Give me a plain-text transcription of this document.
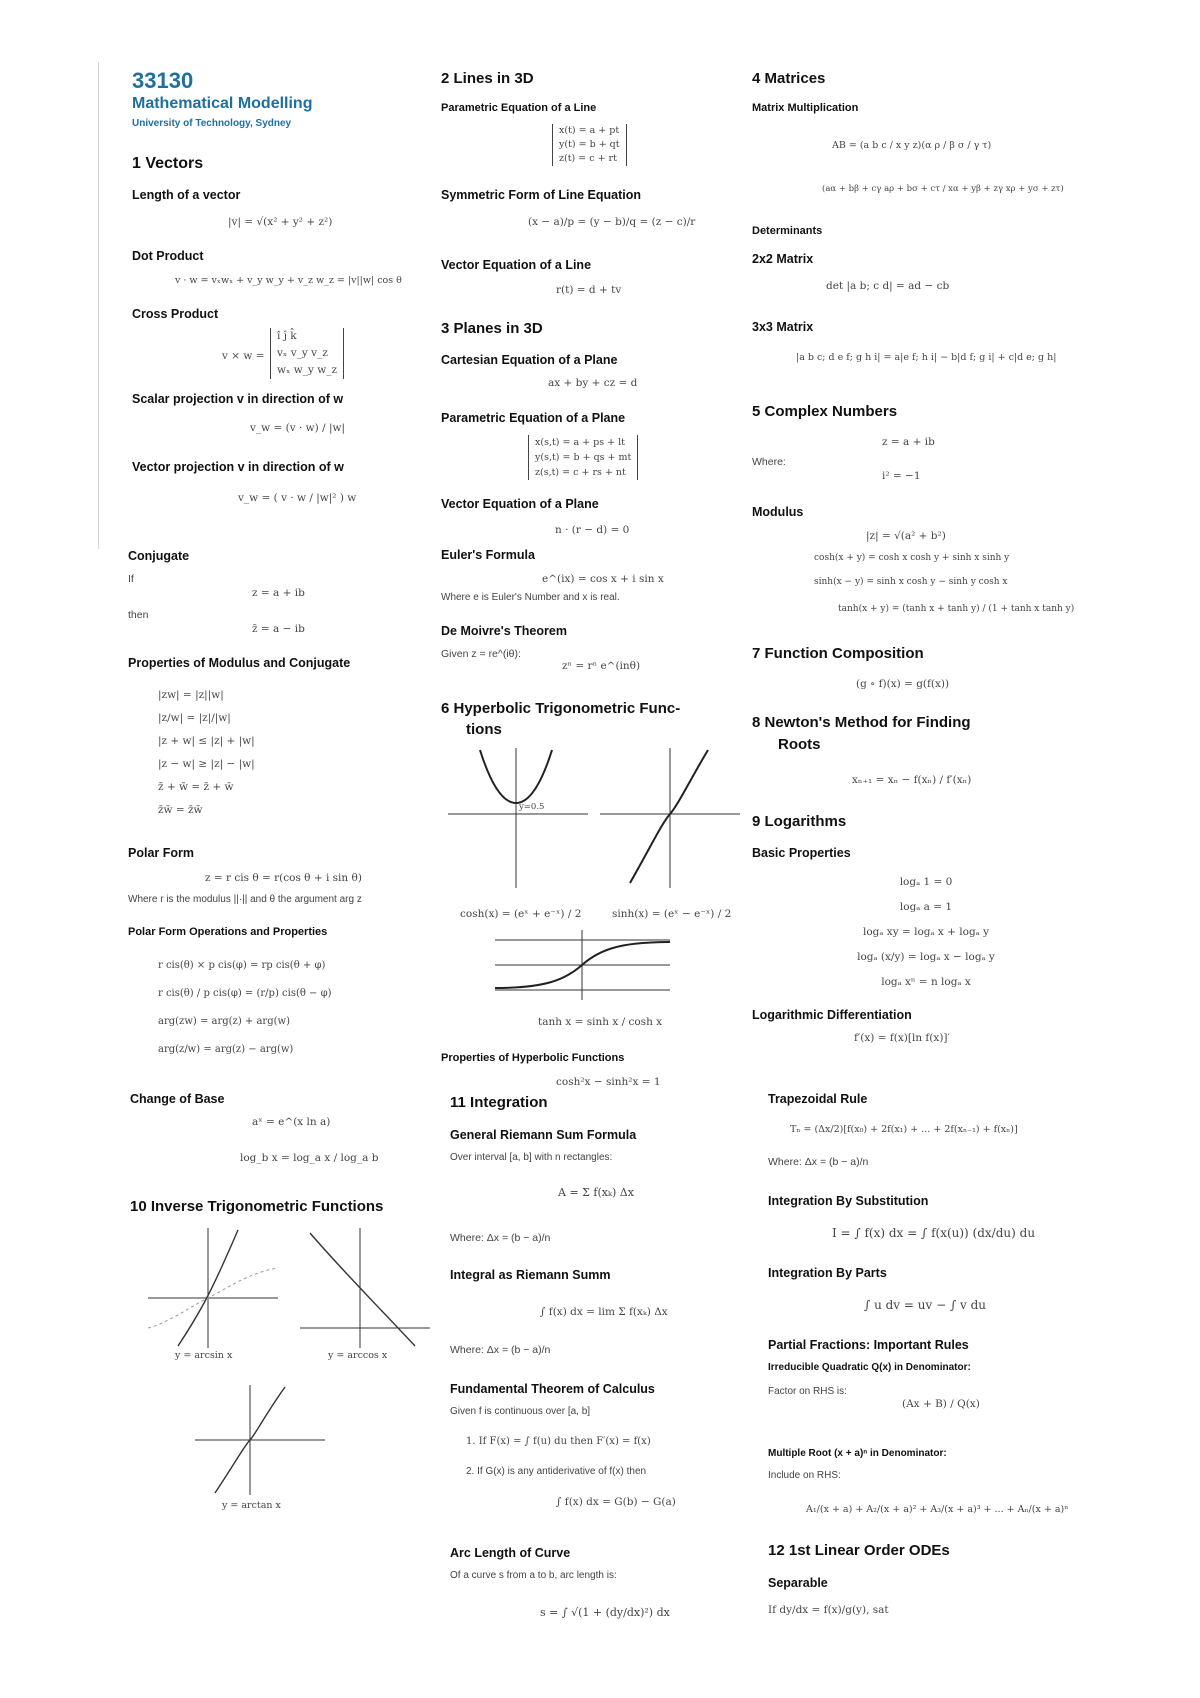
33130
Mathematical Modelling
University of Technology, Sydney
1 Vectors
Length of a vector
|v| = √(x² + y² + z²)
Dot Product
v · w = vₓwₓ + v_y w_y + v_z w_z = |v||w| cos θ
Cross Product
v × w =
î ĵ k̂
vₓ v_y v_z
wₓ w_y w_z
Scalar projection v in direction of w
v_w = (v · w) / |w|
Vector projection v in direction of w
v_w = ( v · w / |w|² ) w
Conjugate
If
z = a + ib
then
z̄ = a − ib
Properties of Modulus and Conjugate
|zw| = |z||w|
|z/w| = |z|/|w|
|z + w| ≤ |z| + |w|
|z − w| ≥ |z| − |w|
z̄ + w̄ = z̄ + w̄
z̄w̄ = z̄w̄
Polar Form
z = r cis θ = r(cos θ + i sin θ)
Where r is the modulus ||·|| and θ the argument arg z
Polar Form Operations and Properties
r cis(θ) × p cis(φ) = rp cis(θ + φ)
r cis(θ) / p cis(φ) = (r/p) cis(θ − φ)
arg(zw) = arg(z) + arg(w)
arg(z/w) = arg(z) − arg(w)
Change of Base
aˣ = e^(x ln a)
log_b x = log_a x / log_a b
10 Inverse Trigonometric Functions
y = arcsin x	y = arccos x
y = arctan x
2 Lines in 3D
Parametric Equation of a Line
x(t) = a + pt
y(t) = b + qt
z(t) = c + rt
Symmetric Form of Line Equation
(x − a)/p = (y − b)/q = (z − c)/r
Vector Equation of a Line
r(t) = d + tv
3 Planes in 3D
Cartesian Equation of a Plane
ax + by + cz = d
Parametric Equation of a Plane
x(s,t) = a + ps + lt
y(s,t) = b + qs + mt
z(s,t) = c + rs + nt
Vector Equation of a Plane
n · (r − d) = 0
Euler's Formula
e^(ix) = cos x + i sin x
Where e is Euler's Number and x is real.
De Moivre's Theorem
Given z = re^(iθ):
zⁿ = rⁿ e^(inθ)
6 Hyperbolic Trigonometric Func-
tions
y=0.5
cosh(x) = (eˣ + e⁻ˣ) / 2	sinh(x) = (eˣ − e⁻ˣ) / 2
tanh x = sinh x / cosh x
Properties of Hyperbolic Functions
cosh²x − sinh²x = 1
11 Integration
General Riemann Sum Formula
Over interval [a, b] with n rectangles:
A = Σ f(xₖ) Δx
Where: Δx = (b − a)/n
Integral as Riemann Summ
∫ f(x) dx = lim Σ f(xₖ) Δx
Where: Δx = (b − a)/n
Fundamental Theorem of Calculus
Given f is continuous over [a, b]
1. If F(x) = ∫ f(u) du then F′(x) = f(x)
2. If G(x) is any antiderivative of f(x) then
∫ f(x) dx = G(b) − G(a)
Arc Length of Curve
Of a curve s from a to b, arc length is:
s = ∫ √(1 + (dy/dx)²) dx
4 Matrices
Matrix Multiplication
AB = (a b c / x y z)(α ρ / β σ / γ τ)
(aα + bβ + cγ aρ + bσ + cτ / xα + yβ + zγ xρ + yσ + zτ)
Determinants
2x2 Matrix
det |a b; c d| = ad − cb
3x3 Matrix
|a b c; d e f; g h i| = a|e f; h i| − b|d f; g i| + c|d e; g h|
5 Complex Numbers
z = a + ib
Where:
i² = −1
Modulus
|z| = √(a² + b²)
cosh(x + y) = cosh x cosh y + sinh x sinh y
sinh(x − y) = sinh x cosh y − sinh y cosh x
tanh(x + y) = (tanh x + tanh y) / (1 + tanh x tanh y)
7 Function Composition
(g ∘ f)(x) = g(f(x))
8 Newton's Method for Finding
Roots
xₙ₊₁ = xₙ − f(xₙ) / f′(xₙ)
9 Logarithms
Basic Properties
logₐ 1 = 0
logₐ a = 1
logₐ xy = logₐ x + logₐ y
logₐ (x/y) = logₐ x − logₐ y
logₐ xⁿ = n logₐ x
Logarithmic Differentiation
f′(x) = f(x)[ln f(x)]′
Trapezoidal Rule
Tₙ = (Δx/2)[f(x₀) + 2f(x₁) + ... + 2f(xₙ₋₁) + f(xₙ)]
Where: Δx = (b − a)/n
Integration By Substitution
I = ∫ f(x) dx = ∫ f(x(u)) (dx/du) du
Integration By Parts
∫ u dv = uv − ∫ v du
Partial Fractions: Important Rules
Irreducible Quadratic Q(x) in Denominator:
Factor on RHS is:
(Ax + B) / Q(x)
Multiple Root (x + a)ⁿ in Denominator:
Include on RHS:
A₁/(x + a) + A₂/(x + a)² + A₃/(x + a)³ + ... + Aₙ/(x + a)ⁿ
12 1st Linear Order ODEs
Separable
If dy/dx = f(x)/g(y), sat
